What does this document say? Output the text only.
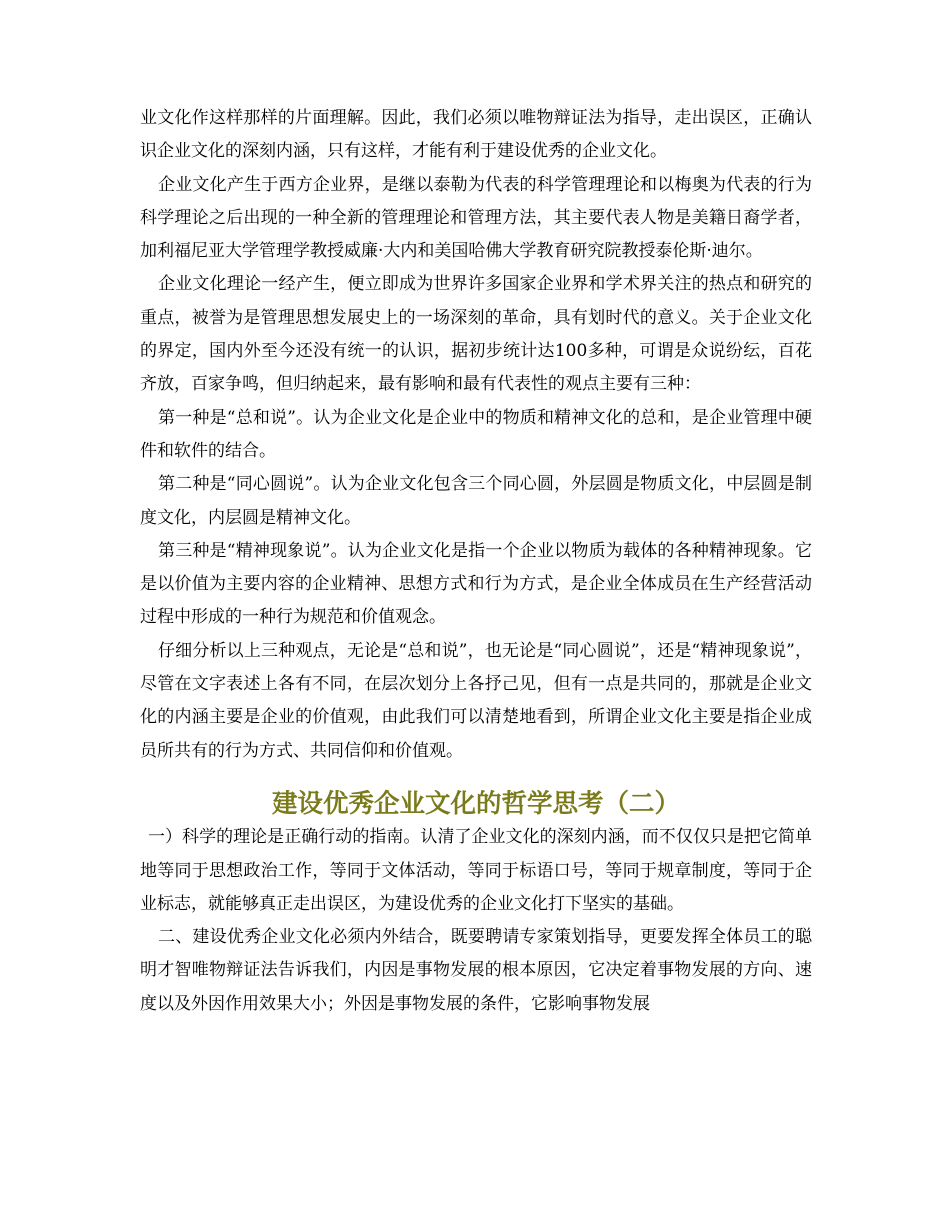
业文化作这样那样的片面理解。因此，我们必须以唯物辩证法为指导，走出误区，正确认识企业文化的深刻内涵，只有这样，才能有利于建设优秀的企业文化。

企业文化产生于西方企业界，是继以泰勒为代表的科学管理理论和以梅奥为代表的行为科学理论之后出现的一种全新的管理理论和管理方法，其主要代表人物是美籍日裔学者，加利福尼亚大学管理学教授威廉·大内和美国哈佛大学教育研究院教授泰伦斯·迪尔。

企业文化理论一经产生，便立即成为世界许多国家企业界和学术界关注的热点和研究的重点，被誉为是管理思想发展史上的一场深刻的革命，具有划时代的意义。关于企业文化的界定，国内外至今还没有统一的认识，据初步统计达100多种，可谓是众说纷纭，百花齐放，百家争鸣，但归纳起来，最有影响和最有代表性的观点主要有三种：

第一种是“总和说”。认为企业文化是企业中的物质和精神文化的总和，是企业管理中硬件和软件的结合。

第二种是“同心圆说”。认为企业文化包含三个同心圆，外层圆是物质文化，中层圆是制度文化，内层圆是精神文化。

第三种是“精神现象说”。认为企业文化是指一个企业以物质为载体的各种精神现象。它是以价值为主要内容的企业精神、思想方式和行为方式，是企业全体成员在生产经营活动过程中形成的一种行为规范和价值观念。

仔细分析以上三种观点，无论是“总和说”，也无论是“同心圆说”，还是“精神现象说”，尽管在文字表述上各有不同，在层次划分上各抒己见，但有一点是共同的，那就是企业文化的内涵主要是企业的价值观，由此我们可以清楚地看到，所谓企业文化主要是指企业成员所共有的行为方式、共同信仰和价值观。

建设优秀企业文化的哲学思考（二）

一）科学的理论是正确行动的指南。认清了企业文化的深刻内涵，而不仅仅只是把它简单地等同于思想政治工作，等同于文体活动，等同于标语口号，等同于规章制度，等同于企业标志，就能够真正走出误区，为建设优秀的企业文化打下坚实的基础。

二、建设优秀企业文化必须内外结合，既要聘请专家策划指导，更要发挥全体员工的聪明才智唯物辩证法告诉我们，内因是事物发展的根本原因，它决定着事物发展的方向、速度以及外因作用效果大小；外因是事物发展的条件，它影响事物发展
